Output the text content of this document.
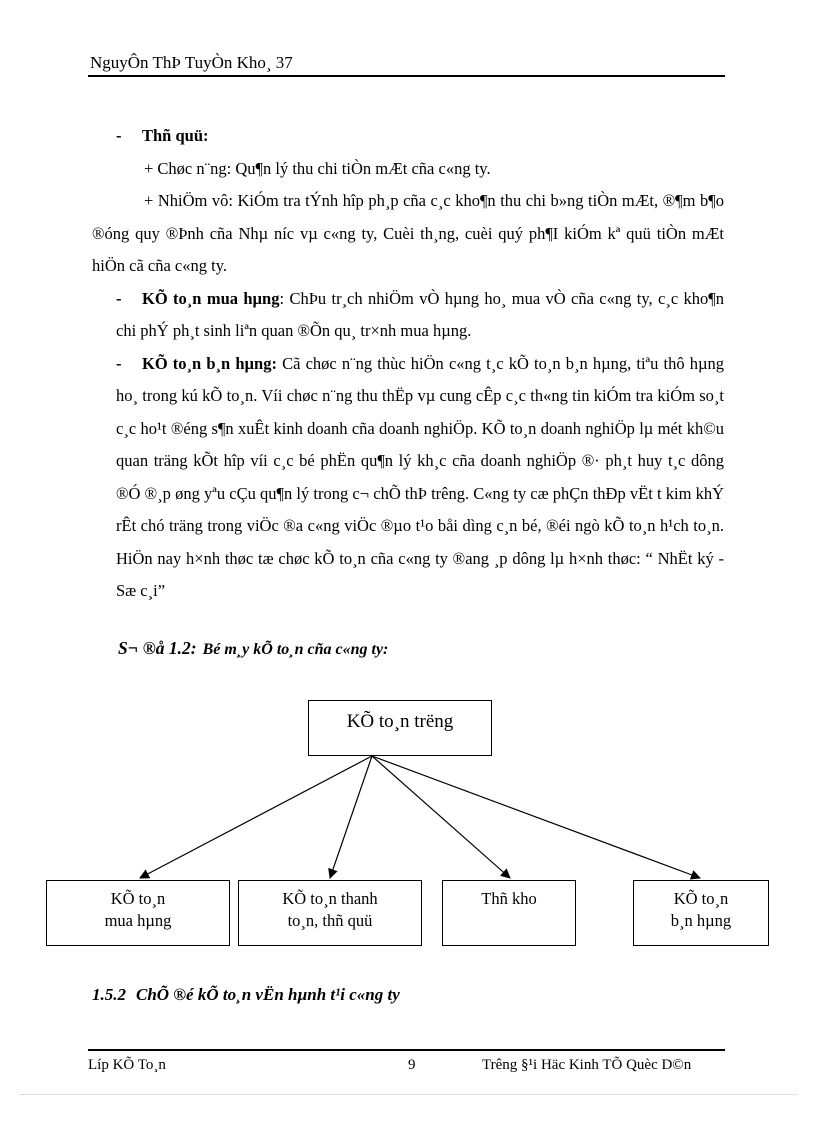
NguyÔn ThÞ TuyÒn Kho¸ 37

- Thñ quü:

+ Chøc n¨ng: Qu¶n lý thu chi tiÒn mÆt cña c«ng ty.

+ NhiÖm vô: KiÓm tra tÝnh hîp ph¸p cña c¸c kho¶n thu chi b»ng tiÒn mÆt, ®¶m b¶o ®óng quy ®Þnh cña Nhµ níc vµ c«ng ty, Cuèi th¸ng, cuèi quý ph¶I kiÓm kª quü tiÒn mÆt hiÖn cã cña c«ng ty.

- KÕ to¸n mua hµng: ChÞu tr¸ch nhiÖm vÒ hµng ho¸ mua vÒ cña c«ng ty, c¸c kho¶n chi phÝ ph¸t sinh liªn quan ®Õn qu¸ tr×nh mua hµng.

- KÕ to¸n b¸n hµng: Cã chøc n¨ng thùc hiÖn c«ng t¸c kÕ to¸n b¸n hµng, tiªu thô hµng ho¸ trong kú kÕ to¸n. Víi chøc n¨ng thu thËp vµ cung cÊp c¸c th«ng tin kiÓm tra kiÓm so¸t c¸c ho¹t ®éng s¶n xuÊt kinh doanh cña doanh nghiÖp. KÕ to¸n doanh nghiÖp lµ mét kh©u quan träng kÕt hîp víi c¸c bé phËn qu¶n lý kh¸c cña doanh nghiÖp ®· ph¸t huy t¸c dông ®Ó ®¸p øng yªu cÇu qu¶n lý trong c¬ chÕ thÞ trêng. C«ng ty cæ phÇn thÐp vËt t kim khÝ rÊt chó träng trong viÖc ®a c«ng viÖc ®µo t¹o båi dìng c¸n bé, ®éi ngò kÕ to¸n h¹ch to¸n. HiÖn nay h×nh thøc tæ chøc kÕ to¸n cña c«ng ty ®ang ¸p dông lµ h×nh thøc: “ NhËt ký - Sæ c¸i”

S¬ ®å 1.2: Bé m¸y kÕ to¸n cña c«ng ty:
KÕ to¸n trëng
KÕ to¸n
mua hµng
KÕ to¸n thanh
to¸n, thñ quü
Thñ kho	KÕ to¸n
b¸n hµng
1.5.2 ChÕ ®é kÕ to¸n vËn hµnh t¹i c«ng ty
Líp KÕ To¸n	9	Trêng §¹i Häc Kinh TÕ Quèc D©n
